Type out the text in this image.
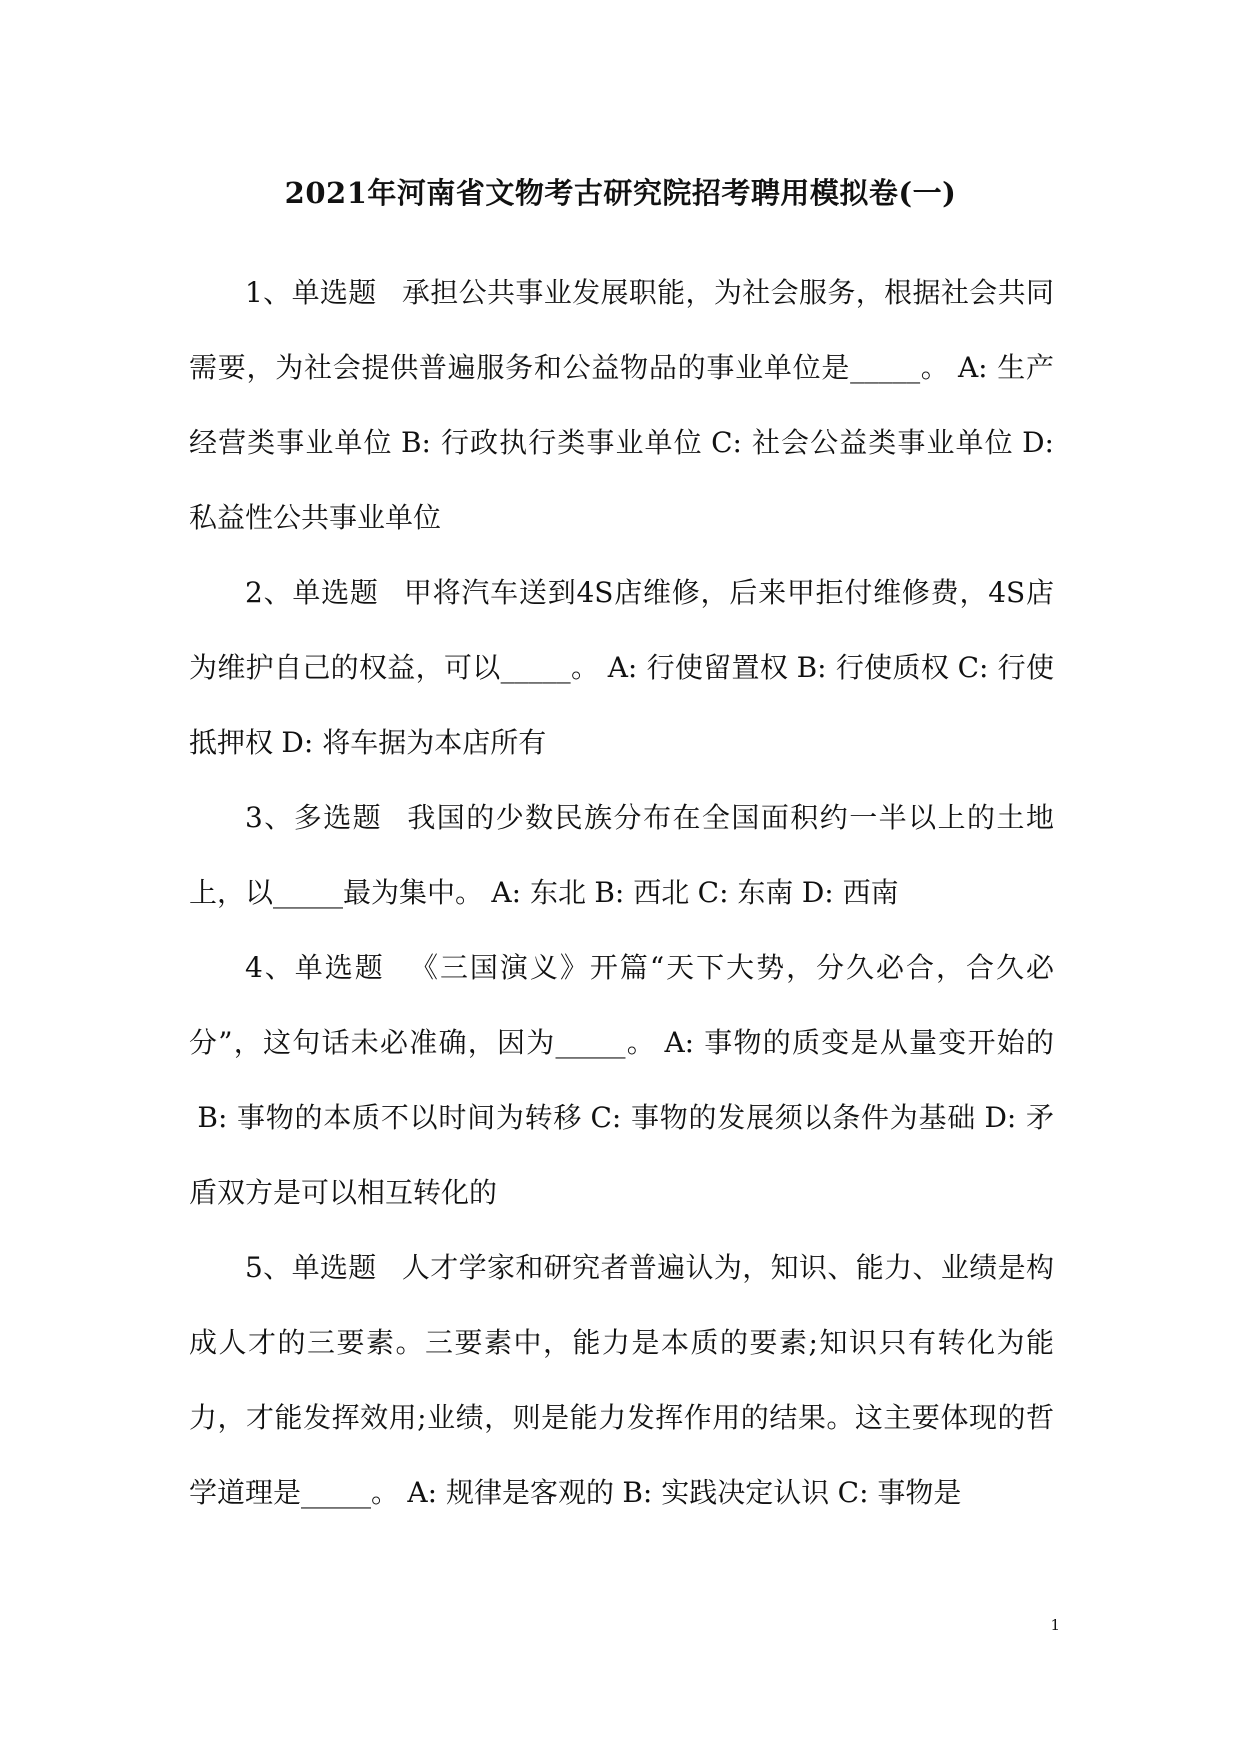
2021年河南省文物考古研究院招考聘用模拟卷(一)

1、单选题 承担公共事业发展职能，为社会服务，根据社会共同需要，为社会提供普遍服务和公益物品的事业单位是_____。 A: 生产经营类事业单位 B: 行政执行类事业单位 C: 社会公益类事业单位 D: 私益性公共事业单位

2、单选题 甲将汽车送到4S店维修，后来甲拒付维修费，4S店为维护自己的权益，可以_____。 A: 行使留置权 B: 行使质权 C: 行使抵押权 D: 将车据为本店所有

3、多选题 我国的少数民族分布在全国面积约一半以上的土地上，以_____最为集中。 A: 东北 B: 西北 C: 东南 D: 西南

4、单选题 《三国演义》开篇“天下大势，分久必合，合久必分”，这句话未必准确，因为_____。 A: 事物的质变是从量变开始的B: 事物的本质不以时间为转移 C: 事物的发展须以条件为基础 D: 矛盾双方是可以相互转化的

5、单选题 人才学家和研究者普遍认为，知识、能力、业绩是构成人才的三要素。三要素中，能力是本质的要素;知识只有转化为能力，才能发挥效用;业绩，则是能力发挥作用的结果。这主要体现的哲学道理是_____。 A: 规律是客观的 B: 实践决定认识 C: 事物是

1
